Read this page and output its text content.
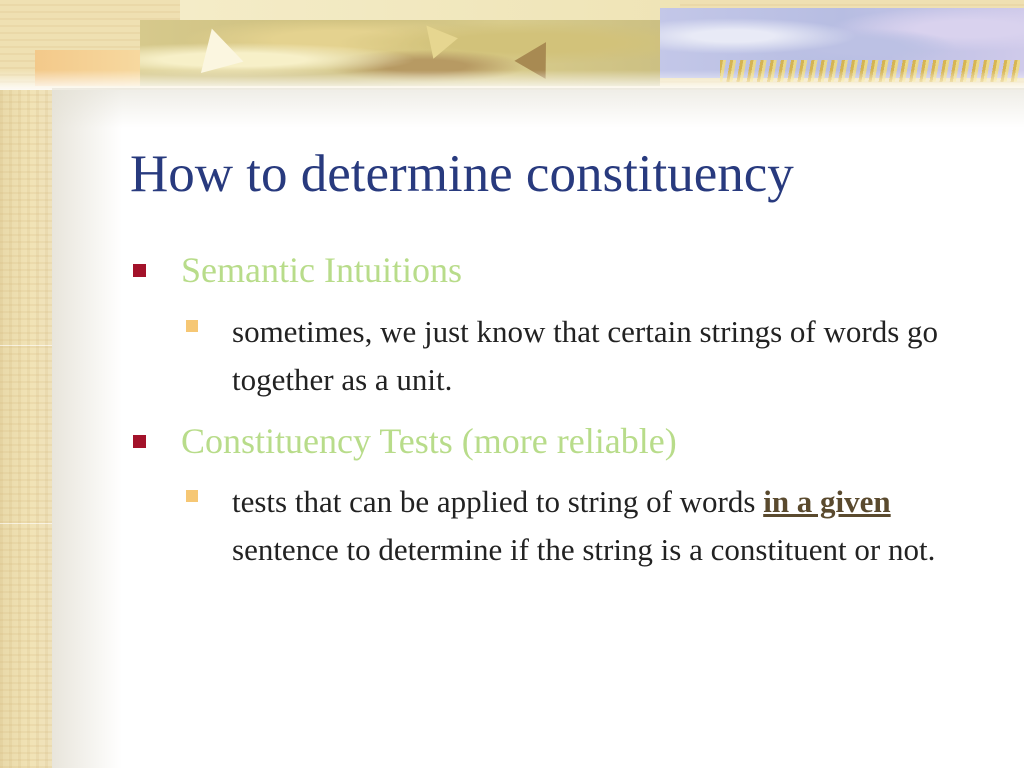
How to determine constituency
Semantic Intuitions
sometimes, we just know that certain strings of words go together as a unit.
Constituency Tests (more reliable)
tests that can be applied to string of words in a given sentence to determine if the string is a constituent or not.
